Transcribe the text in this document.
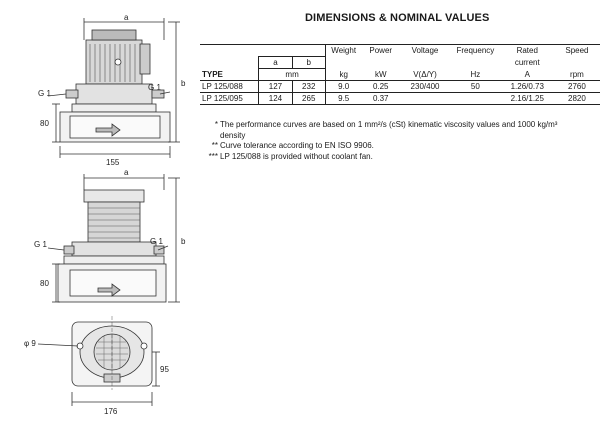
a
G 1
G 1
80
b
155
a
G 1	G 1
80
b
φ 9
95
176
DIMENSIONS & NOMINAL VALUES
			Weight	Power	Voltage	Frequency	Rated	Speed
	a	b					current	
TYPE	mm		kg	kW	V(Δ/Y)	Hz	A	rpm
LP 125/088	127	232	9.0	0.25	230/400	50	1.26/0.73	2760
LP 125/095	124	265	9.5	0.37			2.16/1.25	2820
* The performance curves are based on 1 mm²/s (cSt) kinematic viscosity values and 1000 kg/m³
density
** Curve tolerance according to EN ISO 9906.
*** LP 125/088 is provided without coolant fan.
